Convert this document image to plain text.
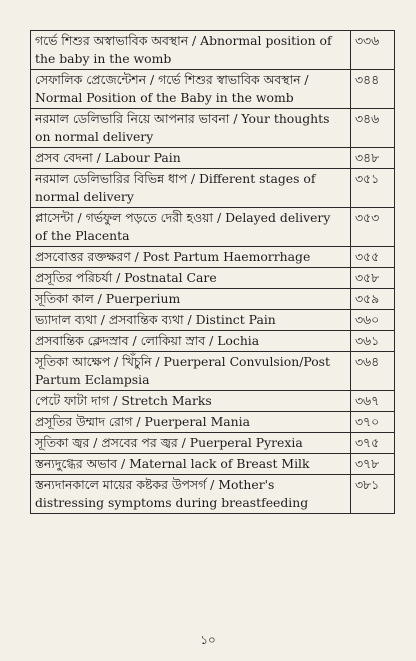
গর্ভে শিশুর অস্বাভাবিক অবস্থান / Abnormal position of the baby in the womb	৩৩৬
সেফালিক প্রেজেন্টেশন / গর্ভে শিশুর স্বাভাবিক অবস্থান / Normal Position of the Baby in the womb	৩৪৪
নরমাল ডেলিভারি নিয়ে আপনার ভাবনা / Your thoughts on normal delivery	৩৪৬
প্রসব বেদনা / Labour Pain	৩৪৮
নরমাল ডেলিভারির বিভিন্ন ধাপ / Different stages of normal delivery	৩৫১
প্লাসেন্টা / গর্ভফুল পড়তে দেরী হওয়া / Delayed delivery of the Placenta	৩৫৩
প্রসবোত্তর রক্তক্ষরণ / Post Partum Haemorrhage	৩৫৫
প্রসূতির পরিচর্যা / Postnatal Care	৩৫৮
সূতিকা কাল / Puerperium	৩৫৯
ভ্যাদাল ব্যথা / প্রসবান্তিক ব্যথা / Distinct Pain	৩৬০
প্রসবান্তিক ক্লেদস্রাব / লোকিয়া স্রাব / Lochia	৩৬১
সূতিকা আক্ষেপ / খিঁচুনি / Puerperal Convulsion/Post Partum Eclampsia	৩৬৪
পেটে ফাটা দাগ / Stretch Marks	৩৬৭
প্রসূতির উম্মাদ রোগ / Puerperal Mania	৩৭০
সূতিকা জ্বর / প্রসবের পর জ্বর / Puerperal Pyrexia	৩৭৫
স্তন্যদুগ্ধের অভাব / Maternal lack of Breast Milk	৩৭৮
স্তন্যদানকালে মায়ের কষ্টকর উপসর্গ / Mother's distressing symptoms during breastfeeding	৩৮১
১০
